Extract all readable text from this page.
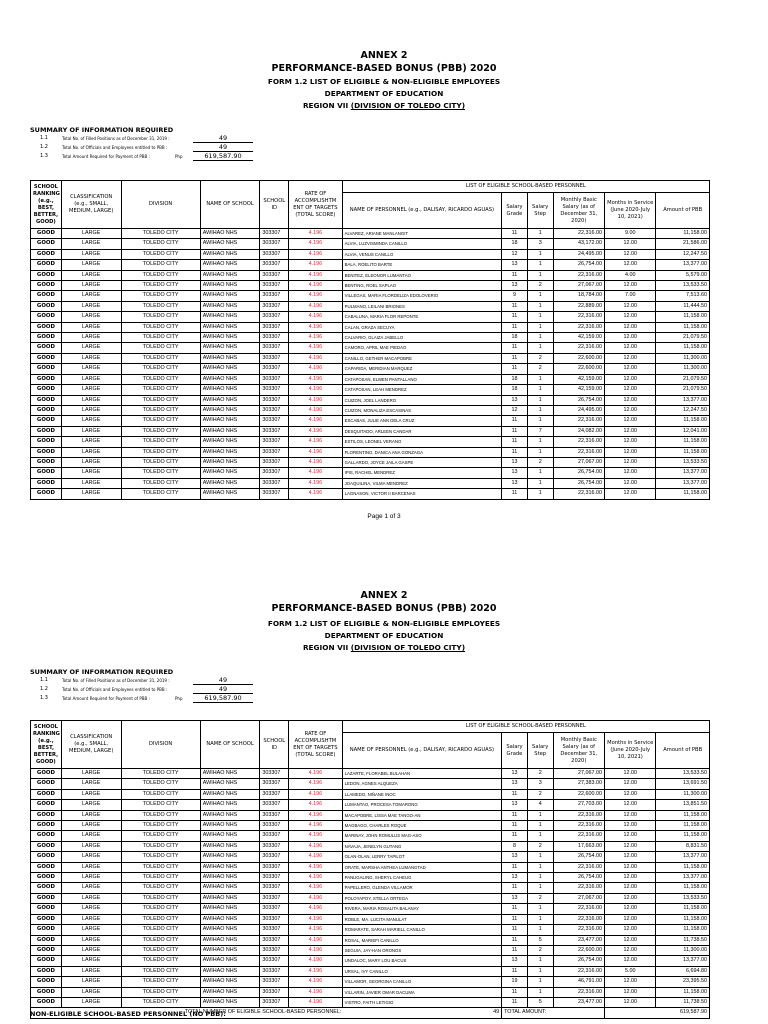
ANNEX 2
PERFORMANCE-BASED BONUS (PBB) 2020
FORM 1.2 LIST OF ELIGIBLE & NON-ELIGIBLE EMPLOYEES
DEPARTMENT OF EDUCATION
REGION VII (DIVISION OF TOLEDO CITY)
SUMMARY OF INFORMATION REQUIRED
1.1	Total No. of Filled Positions as of December 31, 2019 :	49
1.2	Total No. of Officials and Employees entitled to PBB :	49
1.3	Total Amount Required for Payment of PBB :	Php	619,587.90
SCHOOL RANKING (e.g., BEST, BETTER, GOOD)	CLASSIFICATION (e.g., SMALL, MEDIUM, LARGE)	DIVISION	NAME OF SCHOOL	SCHOOL ID	RATE OF ACCOMPLISHTM ENT OF TARGETS (TOTAL SCORE)	LIST OF ELIGIBLE SCHOOL-BASED PERSONNEL					
						NAME OF PERSONNEL (e.g., DALISAY, RICARDO AGUAS)	Salary Grade	Salary Step	Monthly Basic Salary (as of December 31, 2020)	Months in Service (June 2020-July 10, 2021)	Amount of PBB
GOOD	LARGE	TOLEDO CITY	AWIHAO NHS	303307	4.196	ALVAREZ, ARIANE MANLANGIT	11	1	22,316.00	9.00	11,158.00
GOOD	LARGE	TOLEDO CITY	AWIHAO NHS	303307	4.196	ALVIA, LUZVISMINDA CANILLO	18	3	43,172.00	12.00	21,586.00
GOOD	LARGE	TOLEDO CITY	AWIHAO NHS	303307	4.196	ALVIA, VENUS CANILLO	12	1	24,495.00	12.00	12,247.50
GOOD	LARGE	TOLEDO CITY	AWIHAO NHS	303307	4.196	BALA, ROELITO BARTE	13	1	26,754.00	12.00	13,377.00
GOOD	LARGE	TOLEDO CITY	AWIHAO NHS	303307	4.196	BENITEZ, ELEONOR LUMANTAO	11	1	22,316.00	4.00	5,579.00
GOOD	LARGE	TOLEDO CITY	AWIHAO NHS	303307	4.196	BENTING, ROEL SAPLAO	13	2	27,067.00	12.00	13,533.50
GOOD	LARGE	TOLEDO CITY	AWIHAO NHS	303307	4.196	VILLEGAS, MARIA FLORDELIZA EDOLOVERIO	9	1	18,784.00	7.00	7,513.60
GOOD	LARGE	TOLEDO CITY	AWIHAO NHS	303307	4.196	PULMANO, LEILANI BRIONES	11	1	22,889.00	12.00	11,444.50
GOOD	LARGE	TOLEDO CITY	AWIHAO NHS	303307	4.196	CABALUNA, MARIA FLOR REPONTE	11	1	22,316.00	12.00	11,158.00
GOOD	LARGE	TOLEDO CITY	AWIHAO NHS	303307	4.196	CALAN, GRAZA SECUYA	11	1	22,316.00	12.00	11,158.00
GOOD	LARGE	TOLEDO CITY	AWIHAO NHS	303307	4.196	CALVARIO, GLAIZA JABELLO	18	1	42,159.00	12.00	21,079.50
GOOD	LARGE	TOLEDO CITY	AWIHAO NHS	303307	4.196	CAMORO, APRIL MAE PIEDAO	11	1	22,316.00	12.00	11,158.00
GOOD	LARGE	TOLEDO CITY	AWIHAO NHS	303307	4.196	CANILLO, GETHER MACAPOBRE	11	2	22,600.00	12.00	11,300.00
GOOD	LARGE	TOLEDO CITY	AWIHAO NHS	303307	4.196	CAPARIDA, MERIDIAN MARQUEZ	11	2	22,600.00	12.00	11,300.00
GOOD	LARGE	TOLEDO CITY	AWIHAO NHS	303307	4.196	CATAPOSAN, ELWEN PANTALLANO	18	1	42,159.00	12.00	21,079.50
GOOD	LARGE	TOLEDO CITY	AWIHAO NHS	303307	4.196	CATAPOSAN, LEAH MENDREZ	18	1	42,159.00	12.00	21,079.50
GOOD	LARGE	TOLEDO CITY	AWIHAO NHS	303307	4.196	CUIZON, JOEL LANDERO	13	1	26,754.00	12.00	13,377.00
GOOD	LARGE	TOLEDO CITY	AWIHAO NHS	303307	4.196	CUIZON, MONALIZA ESCASINAS	12	1	24,495.00	12.00	12,247.50
GOOD	LARGE	TOLEDO CITY	AWIHAO NHS	303307	4.196	ESCABAS, JULIE ANN DELA CRUZ	11	1	22,316.00	12.00	11,158.00
GOOD	LARGE	TOLEDO CITY	AWIHAO NHS	303307	4.196	DESQUITADO, ARLEEN CANDAR	11	7	24,082.00	12.00	12,041.00
GOOD	LARGE	TOLEDO CITY	AWIHAO NHS	303307	4.196	ESTILOS, LEONEL VERANO	11	1	22,316.00	12.00	11,158.00
GOOD	LARGE	TOLEDO CITY	AWIHAO NHS	303307	4.196	FLORENTINO, DANICA ANA GONZAGA	11	1	22,316.00	12.00	11,158.00
GOOD	LARGE	TOLEDO CITY	AWIHAO NHS	303307	4.196	GALLARDO, JOYCE JAILA GASPE	13	2	27,067.00	12.00	13,533.50
GOOD	LARGE	TOLEDO CITY	AWIHAO NHS	303307	4.196	IPIS, RACHEL MENDREZ	13	1	26,754.00	12.00	13,377.00
GOOD	LARGE	TOLEDO CITY	AWIHAO NHS	303307	4.196	JOAQUILINA, VILMA MENDREZ	13	1	26,754.00	12.00	13,377.00
GOOD	LARGE	TOLEDO CITY	AWIHAO NHS	303307	4.196	LAGNASON, VICTOR II BARCENAS	11	1	22,316.00	12.00	11,158.00
Page 1 of 3
ANNEX 2
PERFORMANCE-BASED BONUS (PBB) 2020
FORM 1.2 LIST OF ELIGIBLE & NON-ELIGIBLE EMPLOYEES
DEPARTMENT OF EDUCATION
REGION VII (DIVISION OF TOLEDO CITY)
SUMMARY OF INFORMATION REQUIRED
1.1	Total No. of Filled Positions as of December 31, 2019 :	49
1.2	Total No. of Officials and Employees entitled to PBB :	49
1.3	Total Amount Required for Payment of PBB :	Php	619,587.90
SCHOOL RANKING (e.g., BEST, BETTER, GOOD)	CLASSIFICATION (e.g., SMALL, MEDIUM, LARGE)	DIVISION	NAME OF SCHOOL	SCHOOL ID	RATE OF ACCOMPLISHTM ENT OF TARGETS (TOTAL SCORE)	LIST OF ELIGIBLE SCHOOL-BASED PERSONNEL					
						NAME OF PERSONNEL (e.g., DALISAY, RICARDO AGUAS)	Salary Grade	Salary Step	Monthly Basic Salary (as of December 31, 2020)	Months in Service (June 2020-July 10, 2021)	Amount of PBB
GOOD	LARGE	TOLEDO CITY	AWIHAO NHS	303307	4.196	LAZARTE, FLORABEL BULAHAN	13	2	27,067.00	12.00	13,533.50
GOOD	LARGE	TOLEDO CITY	AWIHAO NHS	303307	4.196	LEDON, AGNES ALQUEZA	13	3	27,383.00	12.00	13,691.50
GOOD	LARGE	TOLEDO CITY	AWIHAO NHS	303307	4.196	LLAMEDO, NIÑANE INOC	11	2	22,600.00	12.00	11,300.00
GOOD	LARGE	TOLEDO CITY	AWIHAO NHS	303307	4.196	LUMANTAO, PROCESA TOMARONG	13	4	27,703.00	12.00	13,851.50
GOOD	LARGE	TOLEDO CITY	AWIHAO NHS	303307	4.196	MACAPOBRE, LISSA MAE TANGO-AN	11	1	22,316.00	12.00	11,158.00
GOOD	LARGE	TOLEDO CITY	AWIHAO NHS	303307	4.196	MAGBAGO, CHARLES ROQUE	11	1	22,316.00	12.00	11,158.00
GOOD	LARGE	TOLEDO CITY	AWIHAO NHS	303307	4.196	MARINAY, JOHN ROMULUS MAG-ASO	11	1	22,316.00	12.00	11,158.00
GOOD	LARGE	TOLEDO CITY	AWIHAO NHS	303307	4.196	NAVAJA, JENELYN GUTANG	8	2	17,663.00	12.00	8,831.50
GOOD	LARGE	TOLEDO CITY	AWIHAO NHS	303307	4.196	OLAN-OLAN, LERRY TAPILOT	13	1	26,754.00	12.00	13,377.00
GOOD	LARGE	TOLEDO CITY	AWIHAO NHS	303307	4.196	ORATE, MARSHA ANTHEA LUMANGTAD	11	1	22,316.00	12.00	11,158.00
GOOD	LARGE	TOLEDO CITY	AWIHAO NHS	303307	4.196	PANUGALING, SHERYL CAHEUG	13	1	26,754.00	12.00	13,377.00
GOOD	LARGE	TOLEDO CITY	AWIHAO NHS	303307	4.196	PAPELLERO, GLENDA VILLAMOR	11	1	22,316.00	12.00	11,158.00
GOOD	LARGE	TOLEDO CITY	AWIHAO NHS	303307	4.196	POLOYAPOY, STELLA ORTEGA	13	2	27,067.00	12.00	13,533.50
GOOD	LARGE	TOLEDO CITY	AWIHAO NHS	303307	4.196	RIVERA, MARIA ROSALITA BALANAY	11	1	22,316.00	12.00	11,158.00
GOOD	LARGE	TOLEDO CITY	AWIHAO NHS	303307	4.196	ROBLE, MA. LUCITA MANULAT	11	1	22,316.00	12.00	11,158.00
GOOD	LARGE	TOLEDO CITY	AWIHAO NHS	303307	4.196	ROMARATE, SARAH MARIELL CANILLO	11	1	22,316.00	12.00	11,158.00
GOOD	LARGE	TOLEDO CITY	AWIHAO NHS	303307	4.196	ROSAL, MARIEFI CANILLO	11	5	23,477.00	12.00	11,738.50
GOOD	LARGE	TOLEDO CITY	AWIHAO NHS	303307	4.196	SEGUIA, JAY-HAN ORONOS	11	2	22,600.00	12.00	11,300.00
GOOD	LARGE	TOLEDO CITY	AWIHAO NHS	303307	4.196	UNDALOC, MARY LOU BACUS	13	1	26,754.00	12.00	13,377.00
GOOD	LARGE	TOLEDO CITY	AWIHAO NHS	303307	4.196	URSAL, IVY CANILLO	11	1	22,316.00	5.00	6,694.80
GOOD	LARGE	TOLEDO CITY	AWIHAO NHS	303307	4.196	VILLAMOR, GEORGINA CANILLO	19	1	46,791.00	12.00	23,395.50
GOOD	LARGE	TOLEDO CITY	AWIHAO NHS	303307	4.196	VILLARIN, JAVIER OMAR DACUMA	11	1	22,316.00	12.00	11,158.00
GOOD	LARGE	TOLEDO CITY	AWIHAO NHS	303307	4.196	VISTRO, FAITH LETIGIO	11	5	23,477.00	12.00	11,738.50
TOTAL NUMBER OF ELIGIBLE SCHOOL-BASED PERSONNEL: 49							TOTAL AMOUNT:			619,587.90	
NON-ELIGIBLE SCHOOL-BASED PERSONNEL (NO PBB):
